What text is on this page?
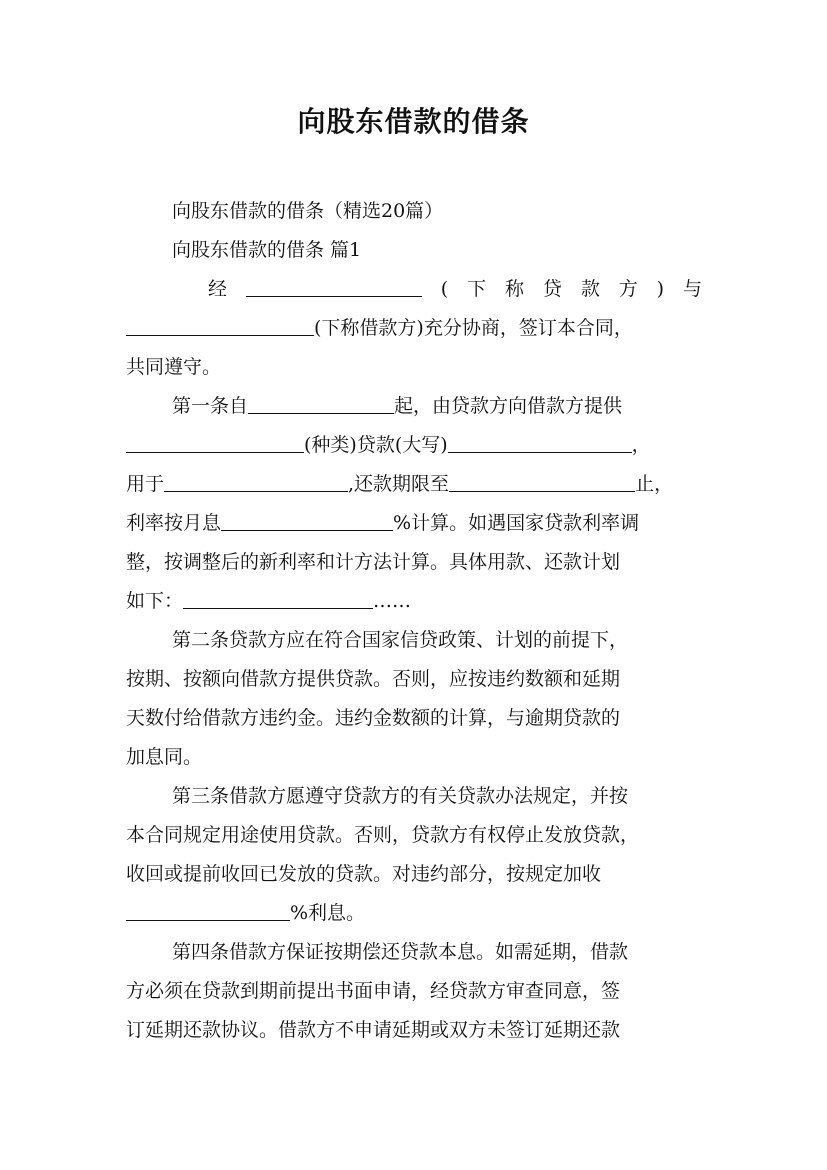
向股东借款的借条
向股东借款的借条（精选20篇）
向股东借款的借条 篇1
经	( 下 称 贷 款 方 ) 与
(下称借款方)充分协商，签订本合同，
共同遵守。
第一条自	起，由贷款方向借款方提供
(种类)贷款(大写)	，
用于	,还款期限至	止，
利率按月息	%计算。如遇国家贷款利率调
整，按调整后的新利率和计方法计算。具体用款、还款计划
如下：	……
第二条贷款方应在符合国家信贷政策、计划的前提下，
按期、按额向借款方提供贷款。否则，应按违约数额和延期
天数付给借款方违约金。违约金数额的计算，与逾期贷款的
加息同。
第三条借款方愿遵守贷款方的有关贷款办法规定，并按
本合同规定用途使用贷款。否则，贷款方有权停止发放贷款，
收回或提前收回已发放的贷款。对违约部分，按规定加收
%利息。
第四条借款方保证按期偿还贷款本息。如需延期，借款
方必须在贷款到期前提出书面申请，经贷款方审查同意，签
订延期还款协议。借款方不申请延期或双方未签订延期还款
